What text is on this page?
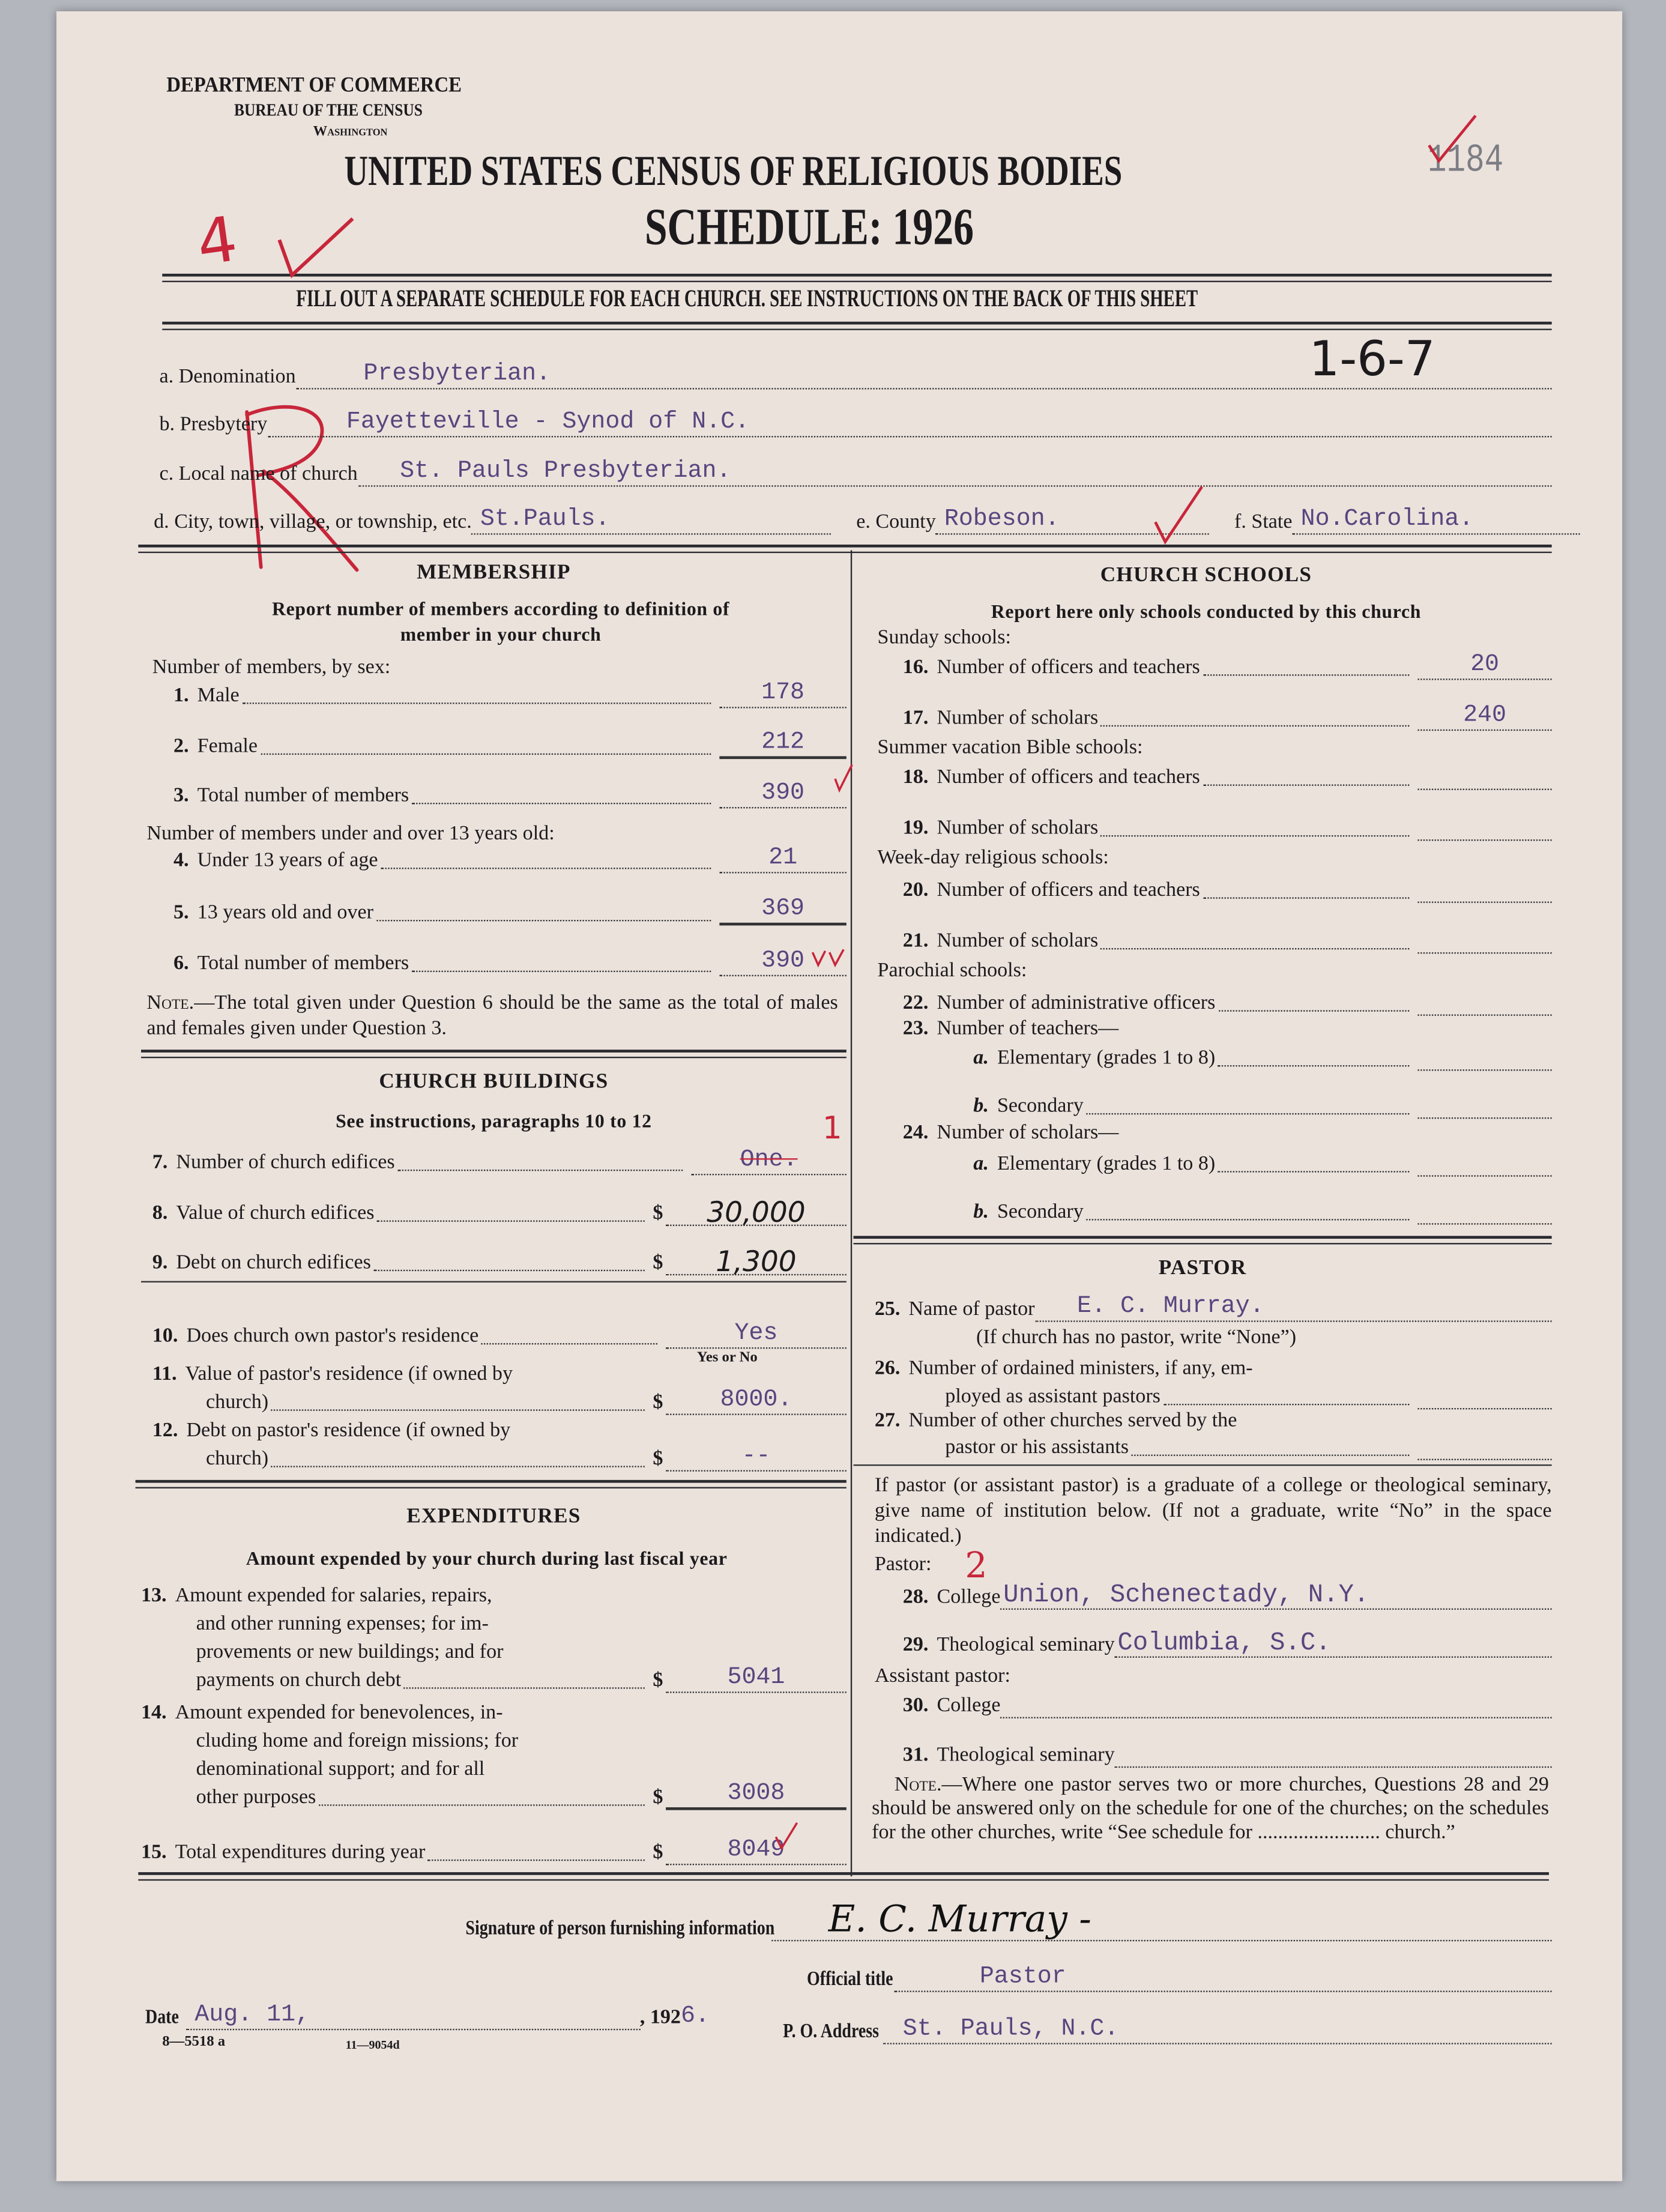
DEPARTMENT OF COMMERCE
BUREAU OF THE CENSUS
Washington
UNITED STATES CENSUS OF RELIGIOUS BODIES
SCHEDULE: 1926
1184
FILL OUT A SEPARATE SCHEDULE FOR EACH CHURCH. SEE INSTRUCTIONS ON THE BACK OF THIS SHEET
1-6-7
4
a. Denomination	Presbyterian.
b. Presbytery	Fayetteville - Synod of N.C.
c. Local name of church	St. Pauls Presbyterian.
d. City, town, village, or township, etc. St.Pauls.	e. County Robeson.	f. State No.Carolina.
MEMBERSHIP
Report number of members according to definition of
member in your church
Number of members, by sex:
1. Male	178
2. Female	212
3. Total number of members	390
Number of members under and over 13 years old:
4. Under 13 years of age	21
5. 13 years old and over	369
6. Total number of members	390
Note.—The total given under Question 6 should be the same as the total of males and females given under Question 3.
CHURCH BUILDINGS
See instructions, paragraphs 10 to 12
7. Number of church edifices	One.
1
8. Value of church edifices	$	30,000
9. Debt on church edifices	$	1,300
10. Does church own pastor's residence	Yes
Yes or No
11. Value of pastor's residence (if owned by
church)	$	8000.
12. Debt on pastor's residence (if owned by
church)	$	--
EXPENDITURES
Amount expended by your church during last fiscal year
13. Amount expended for salaries, repairs,
and other running expenses; for im-
provements or new buildings; and for
payments on church debt	$	5041
14. Amount expended for benevolences, in-
cluding home and foreign missions; for
denominational support; and for all
other purposes	$	3008
15. Total expenditures during year	$	8049
CHURCH SCHOOLS
Report here only schools conducted by this church
Sunday schools:
16. Number of officers and teachers	20
17. Number of scholars	240
Summer vacation Bible schools:
18. Number of officers and teachers
19. Number of scholars
Week-day religious schools:
20. Number of officers and teachers
21. Number of scholars
Parochial schools:
22. Number of administrative officers
23. Number of teachers—
a. Elementary (grades 1 to 8)
b. Secondary
24. Number of scholars—
a. Elementary (grades 1 to 8)
b. Secondary
PASTOR
25. Name of pastor	E. C. Murray.
(If church has no pastor, write “None”)
26. Number of ordained ministers, if any, em-
ployed as assistant pastors
27. Number of other churches served by the
pastor or his assistants
If pastor (or assistant pastor) is a graduate of a college or theological seminary, give name of institution below. (If not a graduate, write “No” in the space indicated.)
Pastor: 2
28. College Union, Schenectady, N.Y.
29. Theological seminary Columbia, S.C.
Assistant pastor:
30. College
31. Theological seminary
Note.—Where one pastor serves two or more churches, Questions 28 and 29 should be answered only on the schedule for one of the churches; on the schedules for the other churches, write “See schedule for ........................ church.”
Signature of person furnishing information	E. C. Murray -
Official title	Pastor
Date	Aug. 11,	, 192 6.
8—5518 a	11—9054d
P. O. Address	St. Pauls, N.C.
